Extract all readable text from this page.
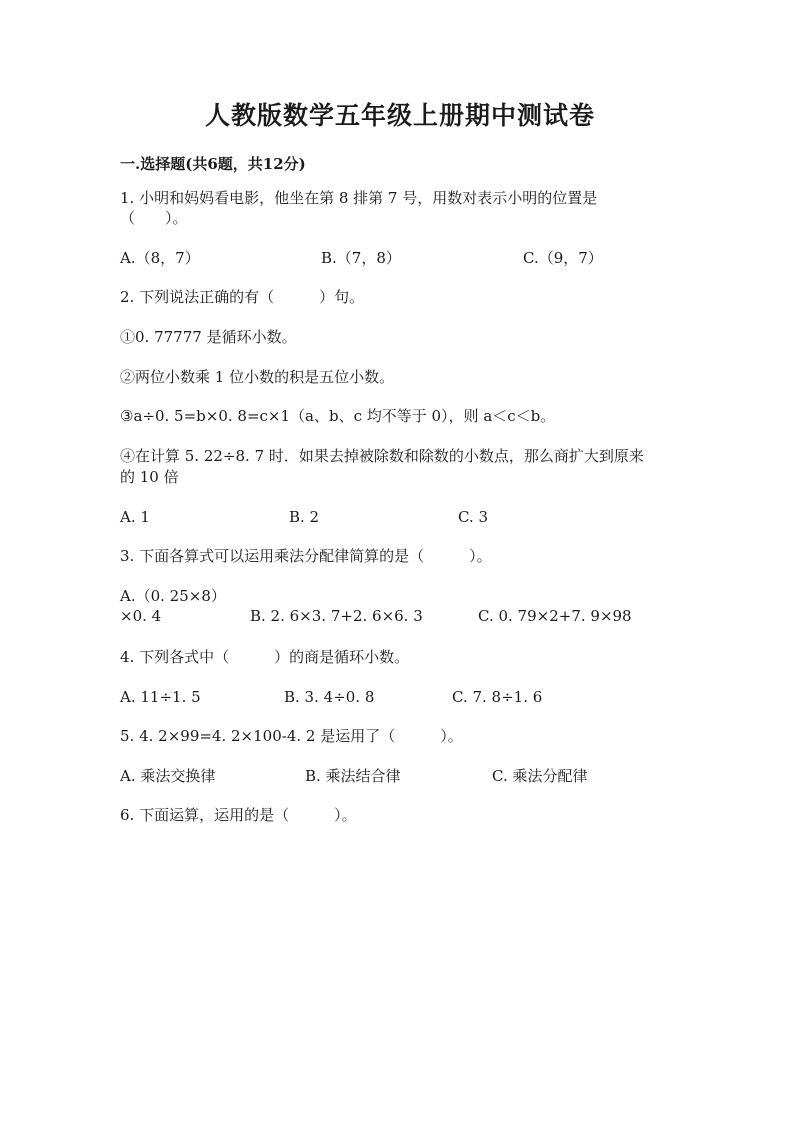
人教版数学五年级上册期中测试卷
一.选择题(共6题，共12分)
1. 小明和妈妈看电影，他坐在第 8 排第 7 号，用数对表示小明的位置是
（　　）。
A.（8，7）	B.（7，8）	C.（9，7）
2. 下列说法正确的有（　　　）句。
①0. 77777 是循环小数。
②两位小数乘 1 位小数的积是五位小数。
③a÷0. 5=b×0. 8=c×1（a、b、c 均不等于 0），则 a＜c＜b。
④在计算 5. 22÷8. 7 时．如果去掉被除数和除数的小数点，那么商扩大到原来
的 10 倍
A. 1	B. 2	C. 3
3. 下面各算式可以运用乘法分配律简算的是（　　　）。
A.（0. 25×8）
×0. 4	B. 2. 6×3. 7+2. 6×6. 3	C. 0. 79×2+7. 9×98
4. 下列各式中（　　　）的商是循环小数。
A. 11÷1. 5	B. 3. 4÷0. 8	C. 7. 8÷1. 6
5. 4. 2×99=4. 2×100-4. 2 是运用了（　　　）。
A. 乘法交换律	B. 乘法结合律	C. 乘法分配律
6. 下面运算，运用的是（　　　）。
